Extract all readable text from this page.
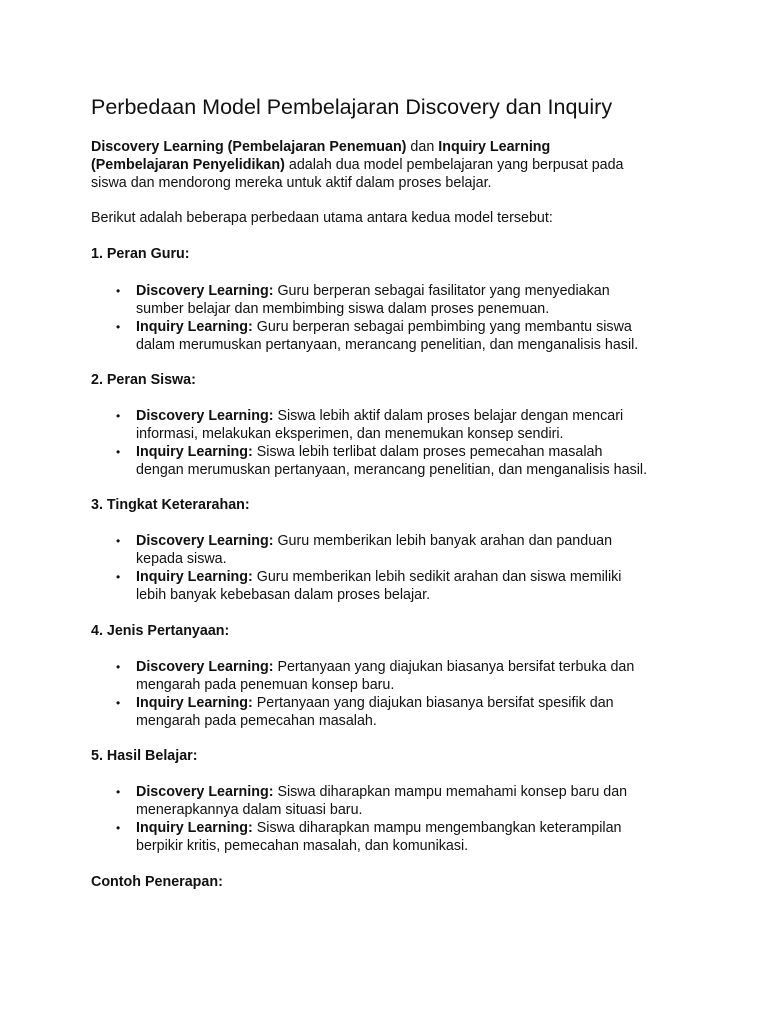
Perbedaan Model Pembelajaran Discovery dan Inquiry
Discovery Learning (Pembelajaran Penemuan) dan Inquiry Learning
(Pembelajaran Penyelidikan) adalah dua model pembelajaran yang berpusat pada
siswa dan mendorong mereka untuk aktif dalam proses belajar.
Berikut adalah beberapa perbedaan utama antara kedua model tersebut:
1. Peran Guru:
• Discovery Learning: Guru berperan sebagai fasilitator yang menyediakan
sumber belajar dan membimbing siswa dalam proses penemuan.
• Inquiry Learning: Guru berperan sebagai pembimbing yang membantu siswa
dalam merumuskan pertanyaan, merancang penelitian, dan menganalisis hasil.
2. Peran Siswa:
• Discovery Learning: Siswa lebih aktif dalam proses belajar dengan mencari
informasi, melakukan eksperimen, dan menemukan konsep sendiri.
• Inquiry Learning: Siswa lebih terlibat dalam proses pemecahan masalah
dengan merumuskan pertanyaan, merancang penelitian, dan menganalisis hasil.
3. Tingkat Keterarahan:
• Discovery Learning: Guru memberikan lebih banyak arahan dan panduan
kepada siswa.
• Inquiry Learning: Guru memberikan lebih sedikit arahan dan siswa memiliki
lebih banyak kebebasan dalam proses belajar.
4. Jenis Pertanyaan:
• Discovery Learning: Pertanyaan yang diajukan biasanya bersifat terbuka dan
mengarah pada penemuan konsep baru.
• Inquiry Learning: Pertanyaan yang diajukan biasanya bersifat spesifik dan
mengarah pada pemecahan masalah.
5. Hasil Belajar:
• Discovery Learning: Siswa diharapkan mampu memahami konsep baru dan
menerapkannya dalam situasi baru.
• Inquiry Learning: Siswa diharapkan mampu mengembangkan keterampilan
berpikir kritis, pemecahan masalah, dan komunikasi.
Contoh Penerapan:
